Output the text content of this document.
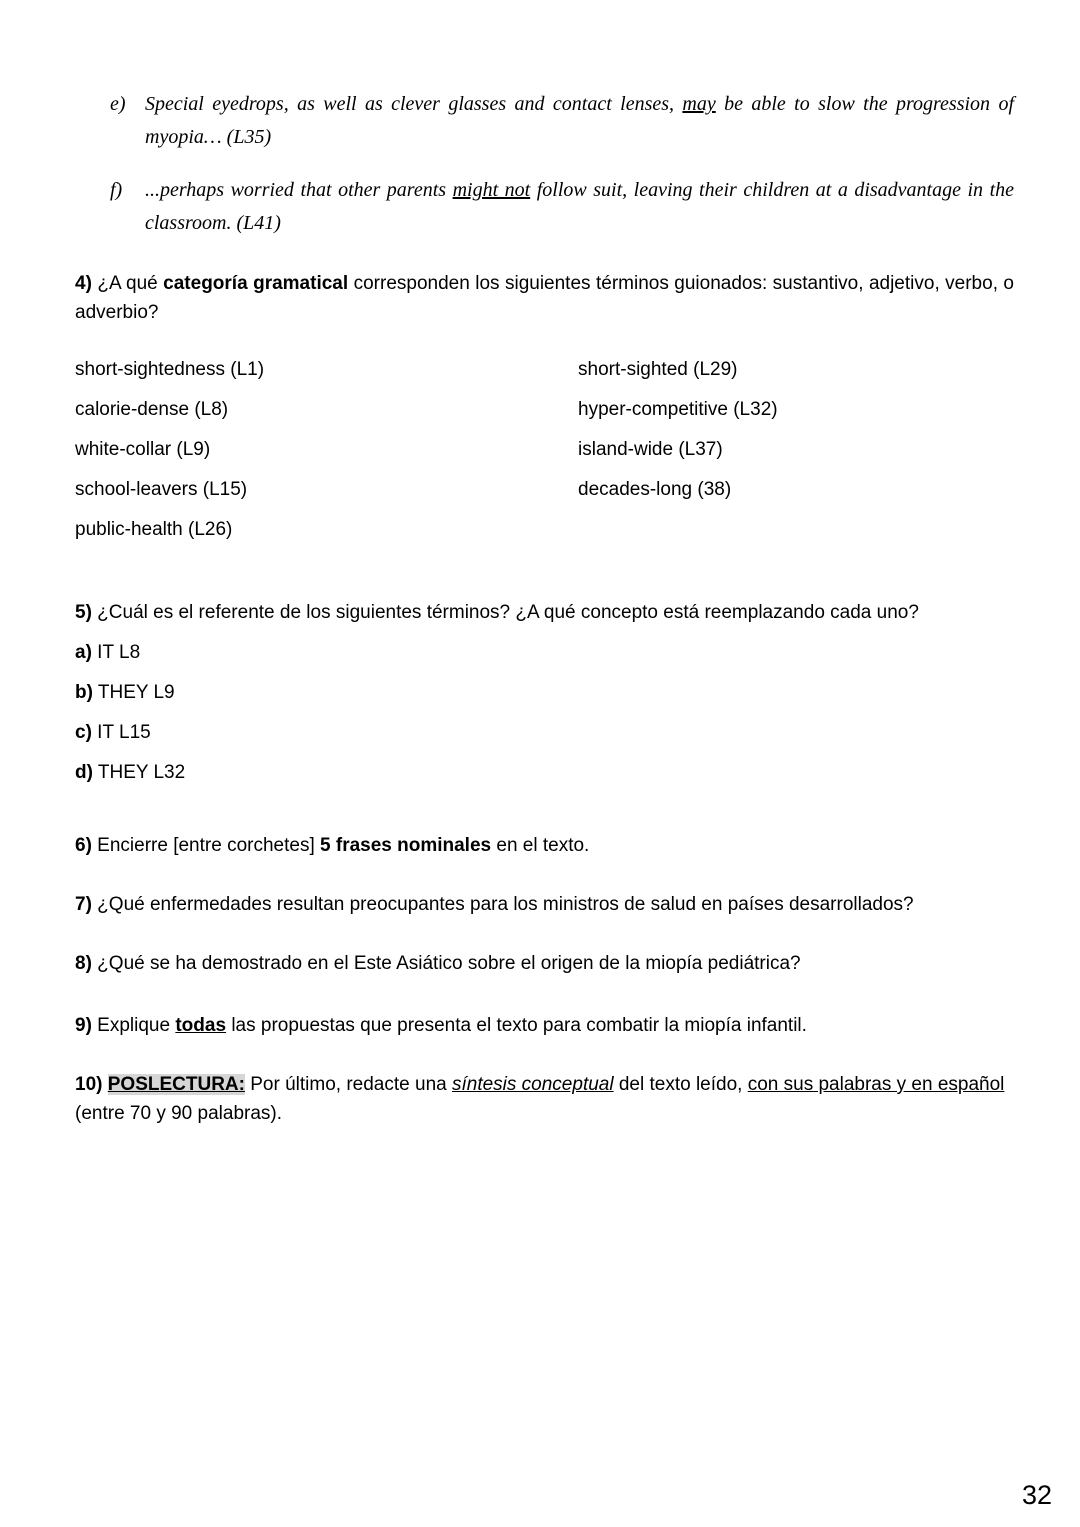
e) Special eyedrops, as well as clever glasses and contact lenses, may be able to slow the progression of myopia… (L35)
f) ...perhaps worried that other parents might not follow suit, leaving their children at a disadvantage in the classroom. (L41)

4) ¿A qué categoría gramatical corresponden los siguientes términos guionados: sustantivo, adjetivo, verbo, o adverbio?

short-sightedness (L1)
calorie-dense (L8)
white-collar (L9)
school-leavers (L15)
public-health (L26)
short-sighted (L29)
hyper-competitive (L32)
island-wide (L37)
decades-long (38)

5) ¿Cuál es el referente de los siguientes términos? ¿A qué concepto está reemplazando cada uno?

a) IT L8

b) THEY L9

c) IT L15

d) THEY L32

6) Encierre [entre corchetes] 5 frases nominales en el texto.

7) ¿Qué enfermedades resultan preocupantes para los ministros de salud en países desarrollados?

8) ¿Qué se ha demostrado en el Este Asiático sobre el origen de la miopía pediátrica?

9) Explique todas las propuestas que presenta el texto para combatir la miopía infantil.

10) POSLECTURA: Por último, redacte una síntesis conceptual del texto leído, con sus palabras y en español (entre 70 y 90 palabras).

32
